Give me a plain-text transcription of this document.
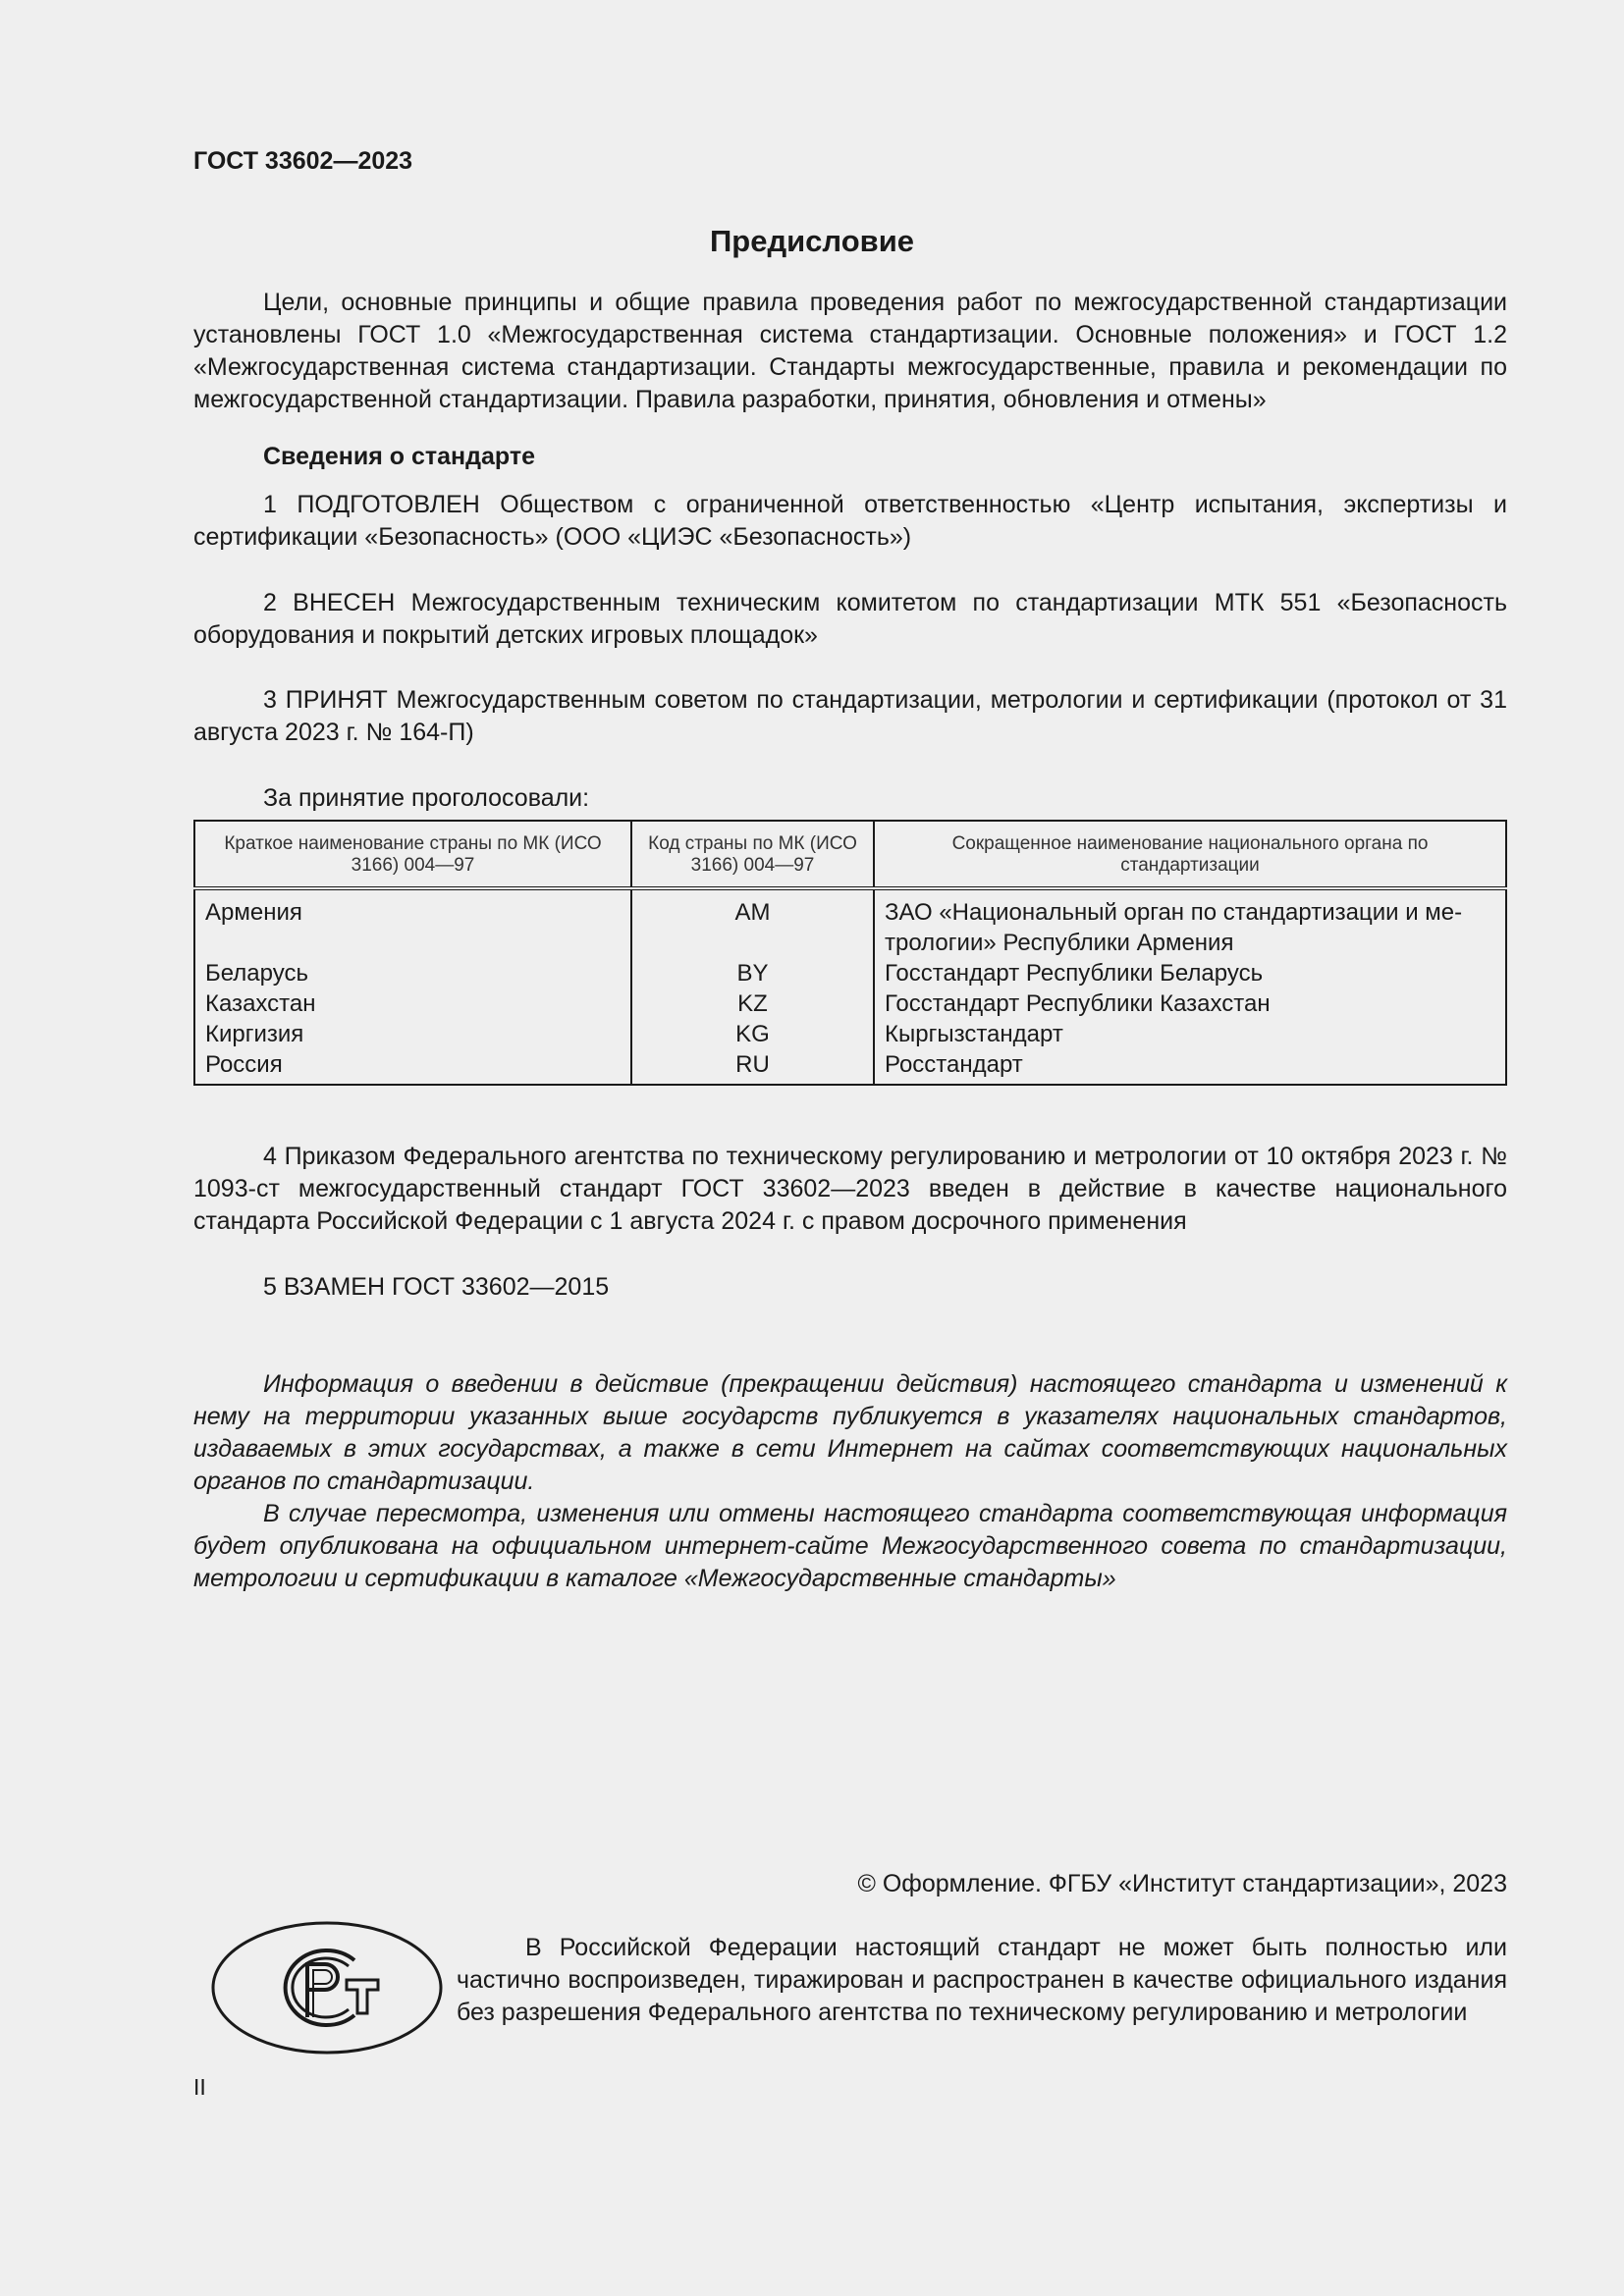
ГОСТ 33602—2023
Предисловие

Цели, основные принципы и общие правила проведения работ по межгосударственной стандартизации установлены ГОСТ 1.0 «Межгосударственная система стандартизации. Основные положения» и ГОСТ 1.2 «Межгосударственная система стандартизации. Стандарты межгосударственные, правила и рекомендации по межгосударственной стандартизации. Правила разработки, принятия, обновления и отмены»

Сведения о стандарте

1 ПОДГОТОВЛЕН Обществом с ограниченной ответственностью «Центр испытания, экспертизы и сертификации «Безопасность» (ООО «ЦИЭС «Безопасность»)

2 ВНЕСЕН Межгосударственным техническим комитетом по стандартизации МТК 551 «Безопасность оборудования и покрытий детских игровых площадок»

3 ПРИНЯТ Межгосударственным советом по стандартизации, метрологии и сертификации (протокол от 31 августа 2023 г. № 164-П)

За принятие проголосовали:
Краткое наименование страны по МК (ИСО 3166) 004—97	Код страны по МК (ИСО 3166) 004—97	Сокращенное наименование национального органа по стандартизации
Армения	AM	ЗАО «Национальный орган по стандартизации и метрологии» Республики Армения
Беларусь	BY	Госстандарт Республики Беларусь
Казахстан	KZ	Госстандарт Республики Казахстан
Киргизия	KG	Кыргызстандарт
Россия	RU	Росстандарт

4 Приказом Федерального агентства по техническому регулированию и метрологии от 10 октября 2023 г. № 1093-ст межгосударственный стандарт ГОСТ 33602—2023 введен в действие в качестве национального стандарта Российской Федерации с 1 августа 2024 г. с правом досрочного применения

5 ВЗАМЕН ГОСТ 33602—2015

Информация о введении в действие (прекращении действия) настоящего стандарта и изменений к нему на территории указанных выше государств публикуется в указателях национальных стандартов, издаваемых в этих государствах, а также в сети Интернет на сайтах соответствующих национальных органов по стандартизации.

В случае пересмотра, изменения или отмены настоящего стандарта соответствующая информация будет опубликована на официальном интернет-сайте Межгосударственного совета по стандартизации, метрологии и сертификации в каталоге «Межгосударственные стандарты»

© Оформление. ФГБУ «Институт стандартизации», 2023

В Российской Федерации настоящий стандарт не может быть полностью или частично воспроизведен, тиражирован и распространен в качестве официального издания без разрешения Федерального агентства по техническому регулированию и метрологии

II
